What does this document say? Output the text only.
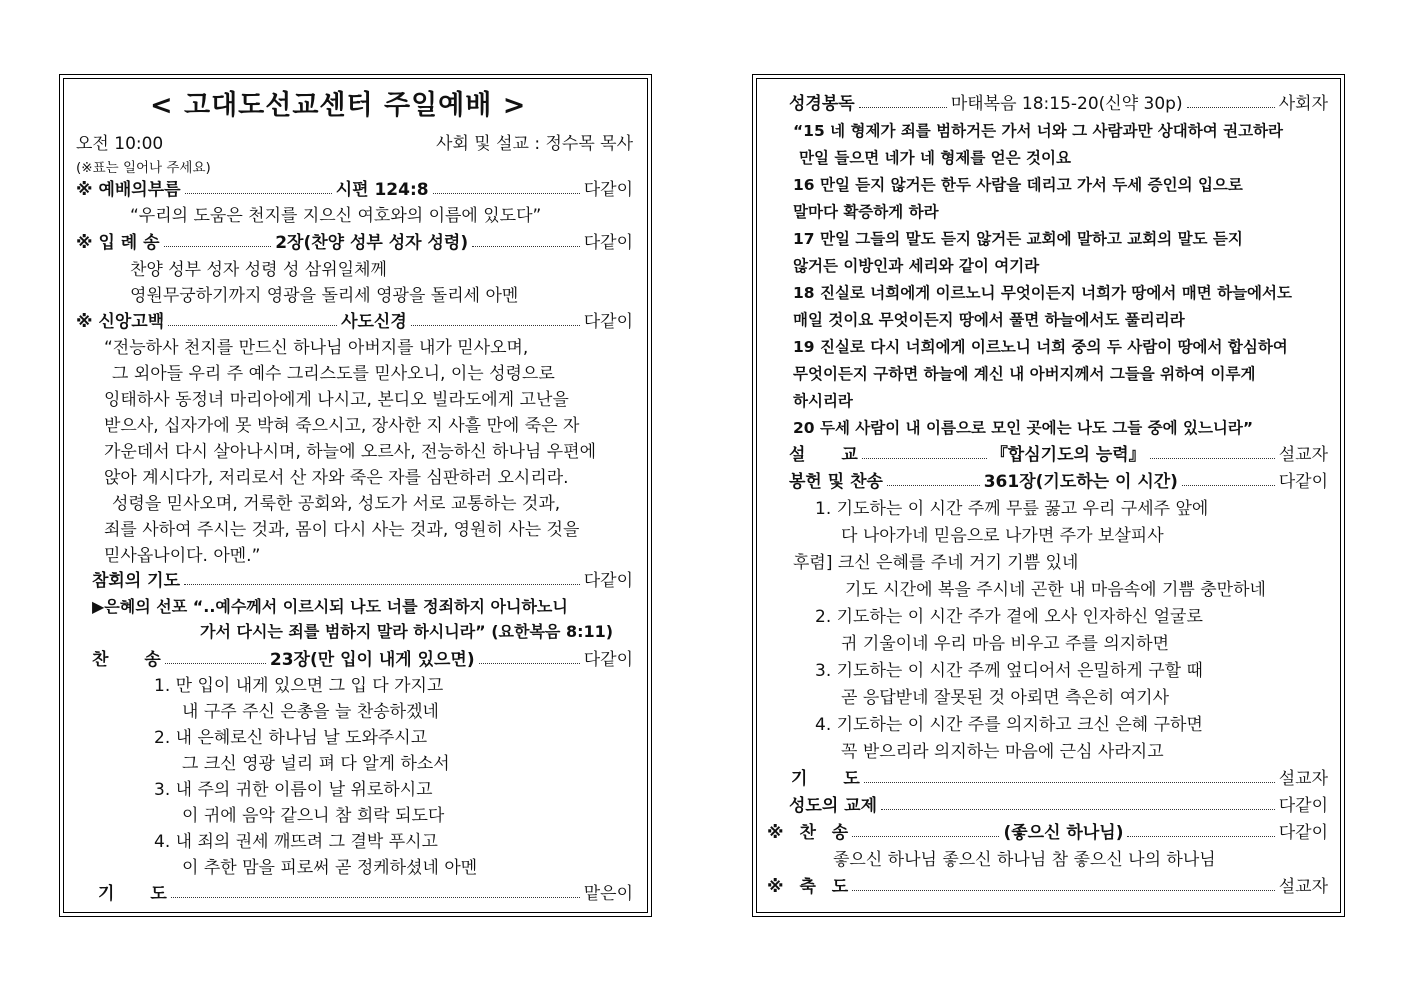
< 고대도선교센터 주일예배 >
오전 10:00	사회 및 설교 : 정수목 목사
(※표는 일어나 주세요)
※ 예배의부름	시편 124:8	다같이
“우리의 도움은 천지를 지으신 여호와의 이름에 있도다”
※ 입 례 송	2장(찬양 성부 성자 성령)	다같이
찬양 성부 성자 성령 성 삼위일체께
영원무궁하기까지 영광을 돌리세 영광을 돌리세 아멘
※ 신앙고백	사도신경	다같이
“전능하사 천지를 만드신 하나님 아버지를 내가 믿사오며,
그 외아들 우리 주 예수 그리스도를 믿사오니, 이는 성령으로
잉태하사 동정녀 마리아에게 나시고, 본디오 빌라도에게 고난을
받으사, 십자가에 못 박혀 죽으시고, 장사한 지 사흘 만에 죽은 자
가운데서 다시 살아나시며, 하늘에 오르사, 전능하신 하나님 우편에
앉아 계시다가, 저리로서 산 자와 죽은 자를 심판하러 오시리라.
성령을 믿사오며, 거룩한 공회와, 성도가 서로 교통하는 것과,
죄를 사하여 주시는 것과, 몸이 다시 사는 것과, 영원히 사는 것을
믿사옵나이다. 아멘.”
참회의 기도	다같이
▶은혜의 선포 “..예수께서 이르시되 나도 너를 정죄하지 아니하노니
가서 다시는 죄를 범하지 말라 하시니라” (요한복음 8:11)
찬 송	23장(만 입이 내게 있으면)	다같이
1. 만 입이 내게 있으면 그 입 다 가지고
내 구주 주신 은총을 늘 찬송하겠네
2. 내 은혜로신 하나님 날 도와주시고
그 크신 영광 널리 펴 다 알게 하소서
3. 내 주의 귀한 이름이 날 위로하시고
이 귀에 음악 같으니 참 희락 되도다
4. 내 죄의 권세 깨뜨려 그 결박 푸시고
이 추한 맘을 피로써 곧 정케하셨네 아멘
기 도	맡은이
성경봉독	마태복음 18:15-20(신약 30p)	사회자
“15 네 형제가 죄를 범하거든 가서 너와 그 사람과만 상대하여 권고하라
만일 들으면 네가 네 형제를 얻은 것이요
16 만일 듣지 않거든 한두 사람을 데리고 가서 두세 증인의 입으로
말마다 확증하게 하라
17 만일 그들의 말도 듣지 않거든 교회에 말하고 교회의 말도 듣지
않거든 이방인과 세리와 같이 여기라
18 진실로 너희에게 이르노니 무엇이든지 너희가 땅에서 매면 하늘에서도
매일 것이요 무엇이든지 땅에서 풀면 하늘에서도 풀리리라
19 진실로 다시 너희에게 이르노니 너희 중의 두 사람이 땅에서 합심하여
무엇이든지 구하면 하늘에 계신 내 아버지께서 그들을 위하여 이루게
하시리라
20 두세 사람이 내 이름으로 모인 곳에는 나도 그들 중에 있느니라”
설 교	『합심기도의 능력』	설교자
봉헌 및 찬송	361장(기도하는 이 시간)	다같이
1. 기도하는 이 시간 주께 무릎 꿇고 우리 구세주 앞에
다 나아가네 믿음으로 나가면 주가 보살피사
후렴] 크신 은혜를 주네 거기 기쁨 있네
기도 시간에 복을 주시네 곤한 내 마음속에 기쁨 충만하네
2. 기도하는 이 시간 주가 곁에 오사 인자하신 얼굴로
귀 기울이네 우리 마음 비우고 주를 의지하면
3. 기도하는 이 시간 주께 엎디어서 은밀하게 구할 때
곧 응답받네 잘못된 것 아뢰면 측은히 여기사
4. 기도하는 이 시간 주를 의지하고 크신 은혜 구하면
꼭 받으리라 의지하는 마음에 근심 사라지고
기 도	설교자
성도의 교제	다같이
※ 찬 송	(좋으신 하나님)	다같이
좋으신 하나님 좋으신 하나님 참 좋으신 나의 하나님
※ 축 도	설교자
